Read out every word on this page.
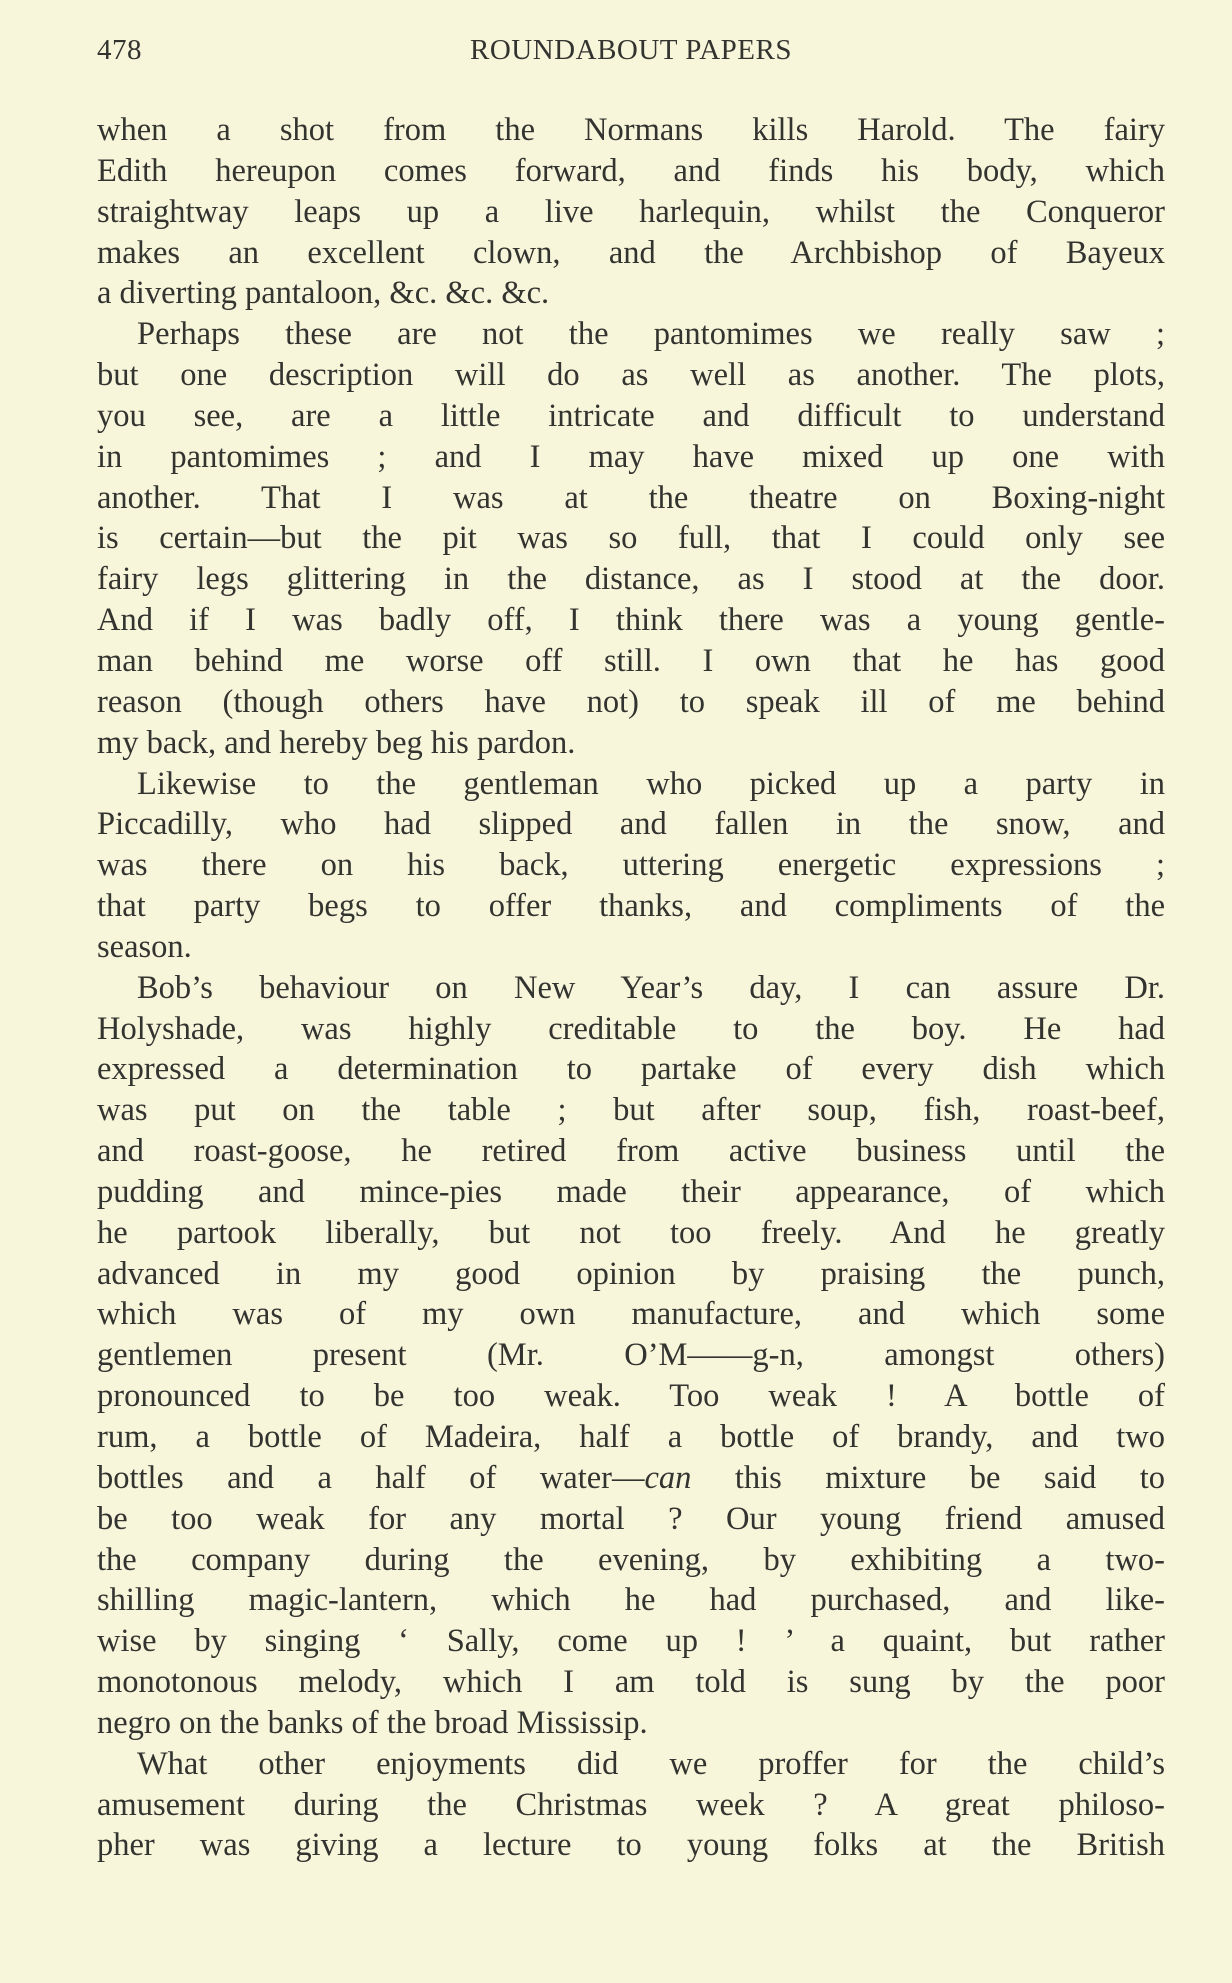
478	ROUNDABOUT PAPERS
when a shot from the Normans kills Harold. The fairy
Edith hereupon comes forward, and finds his body, which
straightway leaps up a live harlequin, whilst the Conqueror
makes an excellent clown, and the Archbishop of Bayeux
a diverting pantaloon, &c. &c. &c.
Perhaps these are not the pantomimes we really saw ;
but one description will do as well as another. The plots,
you see, are a little intricate and difficult to understand
in pantomimes ; and I may have mixed up one with
another. That I was at the theatre on Boxing-night
is certain—but the pit was so full, that I could only see
fairy legs glittering in the distance, as I stood at the door.
And if I was badly off, I think there was a young gentle-
man behind me worse off still. I own that he has good
reason (though others have not) to speak ill of me behind
my back, and hereby beg his pardon.
Likewise to the gentleman who picked up a party in
Piccadilly, who had slipped and fallen in the snow, and
was there on his back, uttering energetic expressions ;
that party begs to offer thanks, and compliments of the
season.
Bob’s behaviour on New Year’s day, I can assure Dr.
Holyshade, was highly creditable to the boy. He had
expressed a determination to partake of every dish which
was put on the table ; but after soup, fish, roast-beef,
and roast-goose, he retired from active business until the
pudding and mince-pies made their appearance, of which
he partook liberally, but not too freely. And he greatly
advanced in my good opinion by praising the punch,
which was of my own manufacture, and which some
gentlemen present (Mr. O’M——g-n, amongst others)
pronounced to be too weak. Too weak ! A bottle of
rum, a bottle of Madeira, half a bottle of brandy, and two
bottles and a half of water—can this mixture be said to
be too weak for any mortal ? Our young friend amused
the company during the evening, by exhibiting a two-
shilling magic-lantern, which he had purchased, and like-
wise by singing ‘ Sally, come up ! ’ a quaint, but rather
monotonous melody, which I am told is sung by the poor
negro on the banks of the broad Mississip.
What other enjoyments did we proffer for the child’s
amusement during the Christmas week ? A great philoso-
pher was giving a lecture to young folks at the British
